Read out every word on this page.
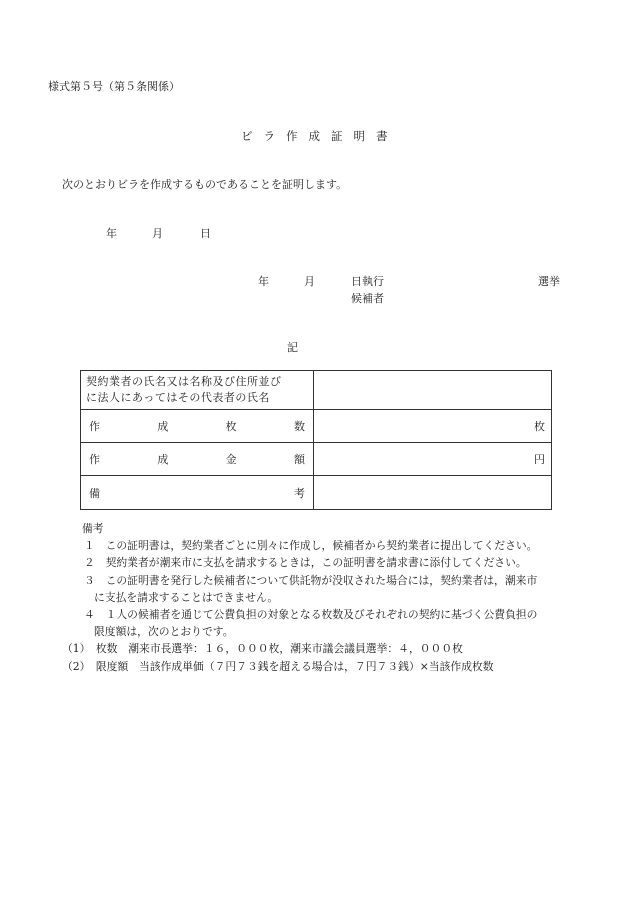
様式第５号（第５条関係）
ビラ作成証明書
次のとおりビラを作成するものであることを証明します。
年	月	日
年	月	日執行	選挙
候補者
記
契約業者の氏名又は名称及び住所並び
に法人にあってはその代表者の氏名	

作 成 枚 数	枚

作 成 金 額	円

備 考	

備考
１　この証明書は，契約業者ごとに別々に作成し，候補者から契約業者に提出してください。
２　契約業者が潮来市に支払を請求するときは，この証明書を請求書に添付してください。
３　この証明書を発行した候補者について供託物が没収された場合には，契約業者は，潮来市
に支払を請求することはできません。
４　１人の候補者を通じて公費負担の対象となる枚数及びそれぞれの契約に基づく公費負担の
限度額は，次のとおりです。
（1）　枚数　潮来市長選挙：１６，０００枚，潮来市議会議員選挙：４，０００枚
（2）　限度額　当該作成単価（７円７３銭を超える場合は，７円７３銭）×当該作成枚数
